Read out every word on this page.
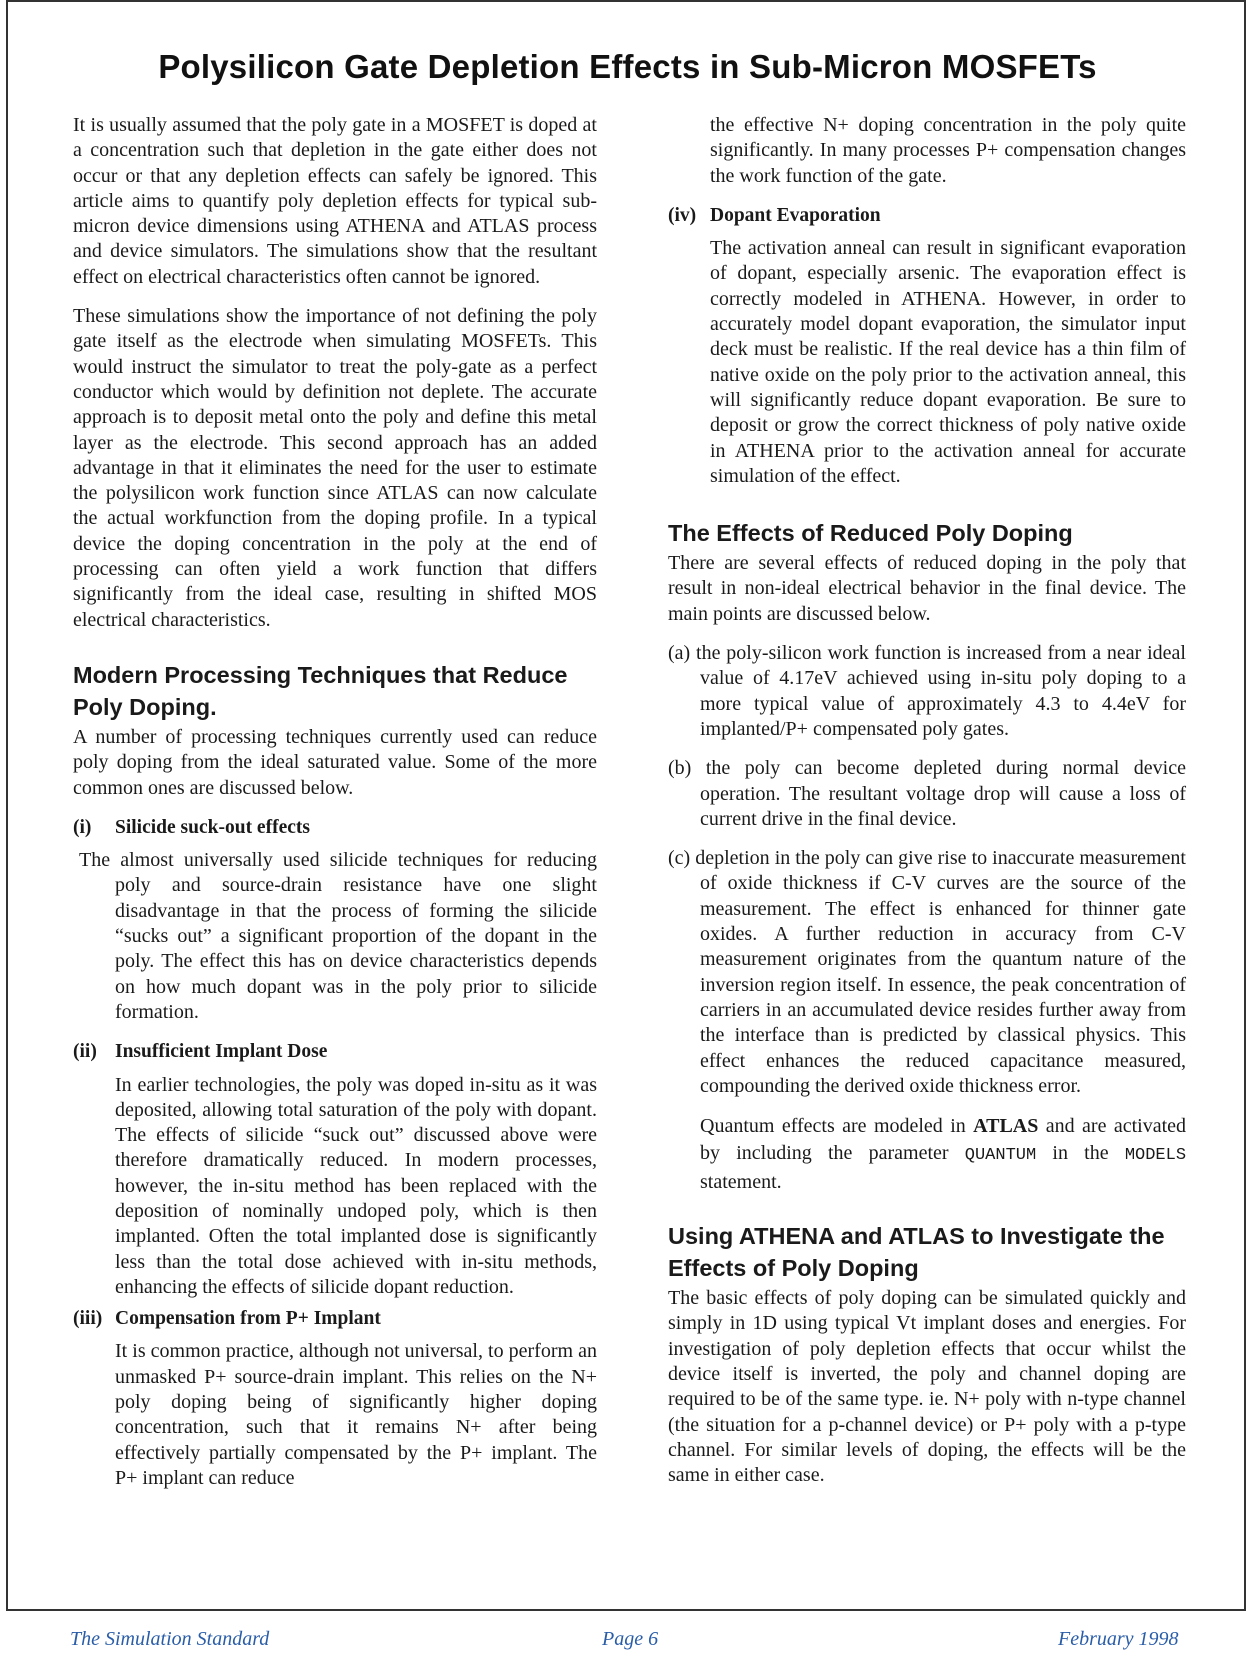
Polysilicon Gate Depletion Effects in Sub-Micron MOSFETs

It is usually assumed that the poly gate in a MOSFET is doped at a concentration such that depletion in the gate either does not occur or that any depletion effects can safely be ignored. This article aims to quantify poly depletion effects for typical sub-micron device dimensions using ATHENA and ATLAS process and device simulators. The simulations show that the resultant effect on electrical characteristics often cannot be ignored.

These simulations show the importance of not defining the poly gate itself as the electrode when simulating MOSFETs. This would instruct the simulator to treat the poly-gate as a perfect conductor which would by definition not deplete. The accurate approach is to deposit metal onto the poly and define this metal layer as the electrode. This second approach has an added advantage in that it eliminates the need for the user to estimate the polysilicon work function since ATLAS can now calculate the actual workfunction from the doping profile. In a typical device the doping concentration in the poly at the end of processing can often yield a work function that differs significantly from the ideal case, resulting in shifted MOS electrical characteristics.

Modern Processing Techniques that Reduce Poly Doping.

A number of processing techniques currently used can reduce poly doping from the ideal saturated value. Some of the more common ones are discussed below.

(i)	Silicide suck-out effects

The almost universally used silicide techniques for reducing poly and source-drain resistance have one slight disadvantage in that the process of forming the silicide “sucks out” a significant proportion of the dopant in the poly. The effect this has on device characteristics depends on how much dopant was in the poly prior to silicide formation.

(ii) Insufficient Implant Dose

In earlier technologies, the poly was doped in-situ as it was deposited, allowing total saturation of the poly with dopant. The effects of silicide “suck out” discussed above were therefore dramatically reduced. In modern processes, however, the in-situ method has been replaced with the deposition of nominally undoped poly, which is then implanted. Often the total implanted dose is significantly less than the total dose achieved with in-situ methods, enhancing the effects of silicide dopant reduction.

(iii) Compensation from P+ Implant

It is common practice, although not universal, to perform an unmasked P+ source-drain implant. This relies on the N+ poly doping being of significantly higher doping concentration, such that it remains N+ after being effectively partially compensated by the P+ implant. The P+ implant can reduce

the effective N+ doping concentration in the poly quite significantly. In many processes P+ compensation changes the work function of the gate.

(iv) Dopant Evaporation

The activation anneal can result in significant evaporation of dopant, especially arsenic. The evaporation effect is correctly modeled in ATHENA. However, in order to accurately model dopant evaporation, the simulator input deck must be realistic. If the real device has a thin film of native oxide on the poly prior to the activation anneal, this will significantly reduce dopant evaporation. Be sure to deposit or grow the correct thickness of poly native oxide in ATHENA prior to the activation anneal for accurate simulation of the effect.

The Effects of Reduced Poly Doping

There are several effects of reduced doping in the poly that result in non-ideal electrical behavior in the final device. The main points are discussed below.

(a) the poly-silicon work function is increased from a near ideal value of 4.17eV achieved using in-situ poly doping to a more typical value of approximately 4.3 to 4.4eV for implanted/P+ compensated poly gates.

(b) the poly can become depleted during normal device operation. The resultant voltage drop will cause a loss of current drive in the final device.

(c) depletion in the poly can give rise to inaccurate measurement of oxide thickness if C-V curves are the source of the measurement. The effect is enhanced for thinner gate oxides. A further reduction in accuracy from C-V measurement originates from the quantum nature of the inversion region itself. In essence, the peak concentration of carriers in an accumulated device resides further away from the interface than is predicted by classical physics. This effect enhances the reduced capacitance measured, compounding the derived oxide thickness error.

Quantum effects are modeled in ATLAS and are activated by including the parameter QUANTUM in the MODELS statement.

Using ATHENA and ATLAS to Investigate the Effects of Poly Doping

The basic effects of poly doping can be simulated quickly and simply in 1D using typical Vt implant doses and energies. For investigation of poly depletion effects that occur whilst the device itself is inverted, the poly and channel doping are required to be of the same type. ie. N+ poly with n-type channel (the situation for a p-channel device) or P+ poly with a p-type channel. For similar levels of doping, the effects will be the same in either case.

The Simulation Standard	Page 6	February 1998
